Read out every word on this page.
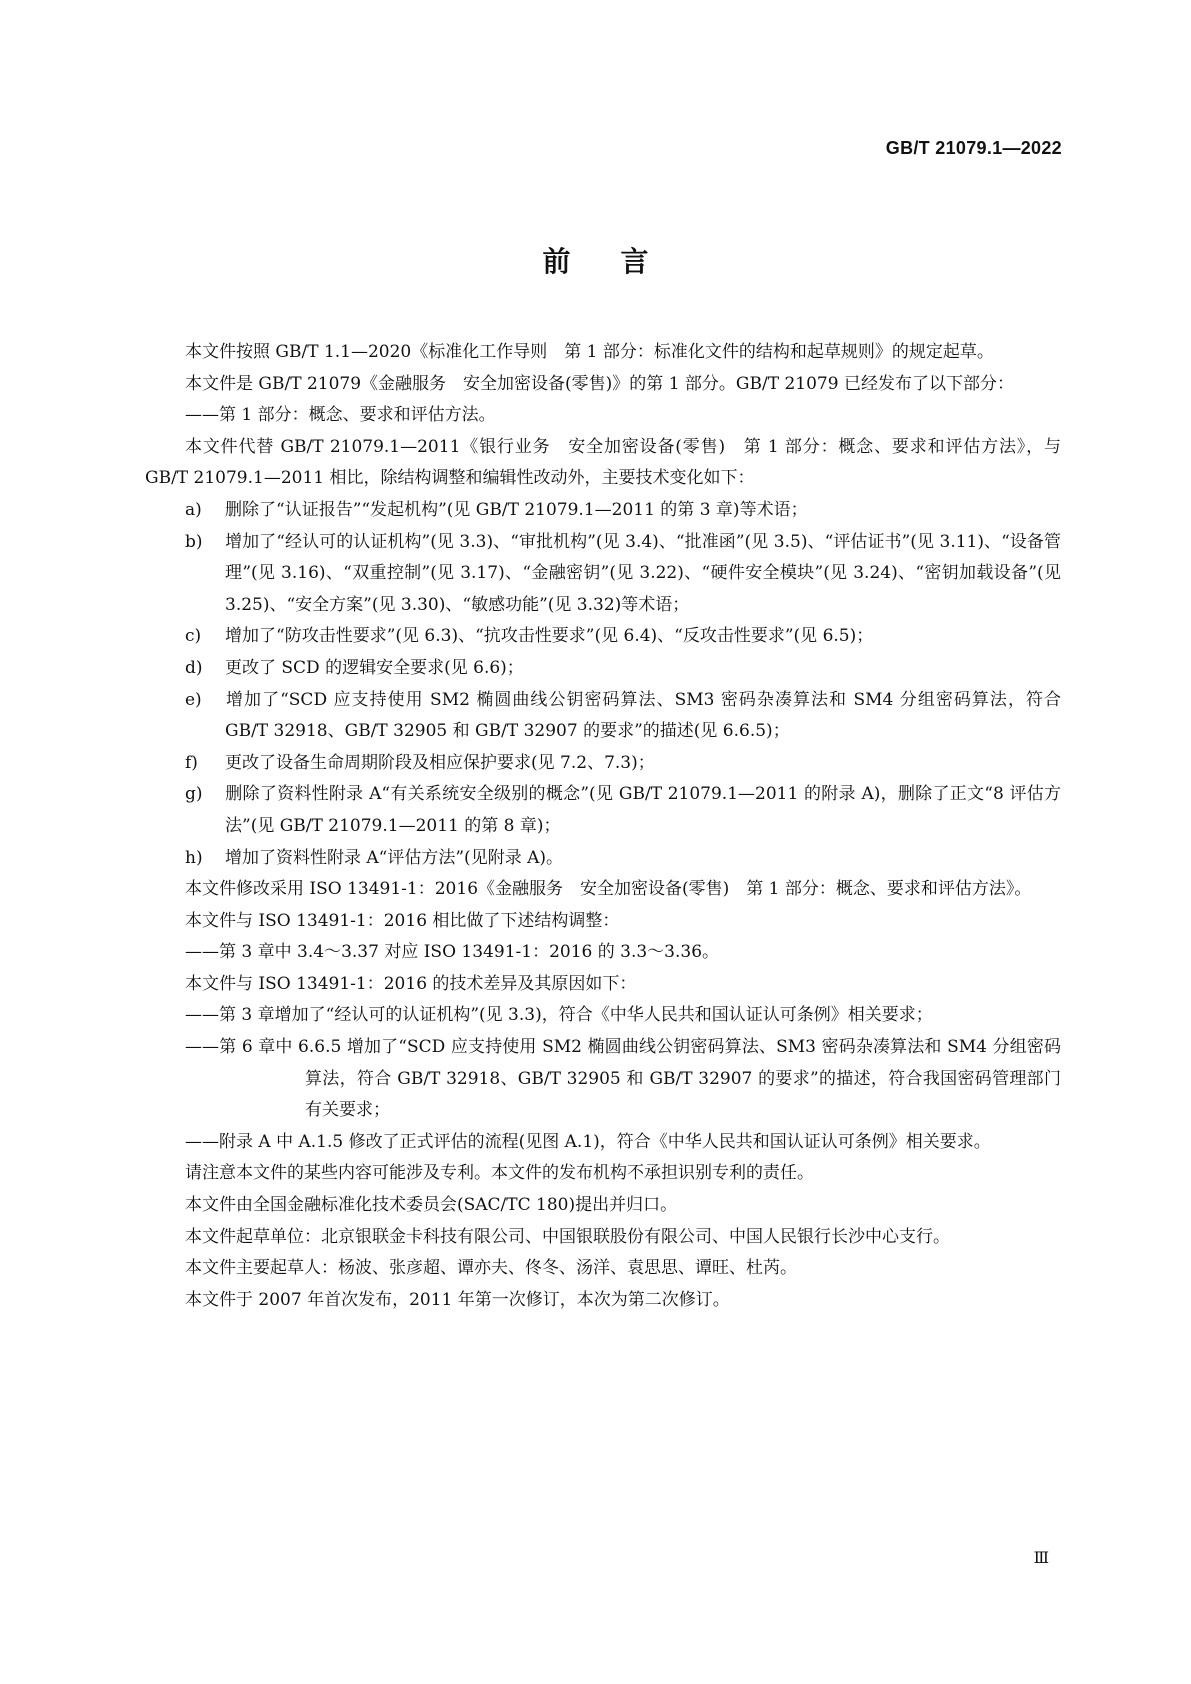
GB/T 21079.1—2022
前言

本文件按照 GB/T 1.1—2020《标准化工作导则　第 1 部分：标准化文件的结构和起草规则》的规定起草。

本文件是 GB/T 21079《金融服务　安全加密设备(零售)》的第 1 部分。GB/T 21079 已经发布了以下部分：

——第 1 部分：概念、要求和评估方法。

本文件代替 GB/T 21079.1—2011《银行业务　安全加密设备(零售)　第 1 部分：概念、要求和评估方法》，与 GB/T 21079.1—2011 相比，除结构调整和编辑性改动外，主要技术变化如下：

a) 删除了“认证报告”“发起机构”(见 GB/T 21079.1—2011 的第 3 章)等术语；

b) 增加了“经认可的认证机构”(见 3.3)、“审批机构”(见 3.4)、“批准函”(见 3.5)、“评估证书”(见 3.11)、“设备管理”(见 3.16)、“双重控制”(见 3.17)、“金融密钥”(见 3.22)、“硬件安全模块”(见 3.24)、“密钥加载设备”(见 3.25)、“安全方案”(见 3.30)、“敏感功能”(见 3.32)等术语；

c) 增加了“防攻击性要求”(见 6.3)、“抗攻击性要求”(见 6.4)、“反攻击性要求”(见 6.5)；

d) 更改了 SCD 的逻辑安全要求(见 6.6)；

e) 增加了“SCD 应支持使用 SM2 椭圆曲线公钥密码算法、SM3 密码杂凑算法和 SM4 分组密码算法，符合 GB/T 32918、GB/T 32905 和 GB/T 32907 的要求”的描述(见 6.6.5)；

f) 更改了设备生命周期阶段及相应保护要求(见 7.2、7.3)；

g) 删除了资料性附录 A“有关系统安全级别的概念”(见 GB/T 21079.1—2011 的附录 A)，删除了正文“8 评估方法”(见 GB/T 21079.1—2011 的第 8 章)；

h) 增加了资料性附录 A“评估方法”(见附录 A)。

本文件修改采用 ISO 13491-1：2016《金融服务　安全加密设备(零售)　第 1 部分：概念、要求和评估方法》。

本文件与 ISO 13491-1：2016 相比做了下述结构调整：

——第 3 章中 3.4～3.37 对应 ISO 13491-1：2016 的 3.3～3.36。

本文件与 ISO 13491-1：2016 的技术差异及其原因如下：

——第 3 章增加了“经认可的认证机构”(见 3.3)，符合《中华人民共和国认证认可条例》相关要求；

——第 6 章中 6.6.5 增加了“SCD 应支持使用 SM2 椭圆曲线公钥密码算法、SM3 密码杂凑算法和 SM4 分组密码算法，符合 GB/T 32918、GB/T 32905 和 GB/T 32907 的要求”的描述，符合我国密码管理部门有关要求；

——附录 A 中 A.1.5 修改了正式评估的流程(见图 A.1)，符合《中华人民共和国认证认可条例》相关要求。

请注意本文件的某些内容可能涉及专利。本文件的发布机构不承担识别专利的责任。

本文件由全国金融标准化技术委员会(SAC/TC 180)提出并归口。

本文件起草单位：北京银联金卡科技有限公司、中国银联股份有限公司、中国人民银行长沙中心支行。

本文件主要起草人：杨波、张彦超、谭亦夫、佟冬、汤洋、袁思思、谭旺、杜芮。

本文件于 2007 年首次发布，2011 年第一次修订，本次为第二次修订。

Ⅲ
